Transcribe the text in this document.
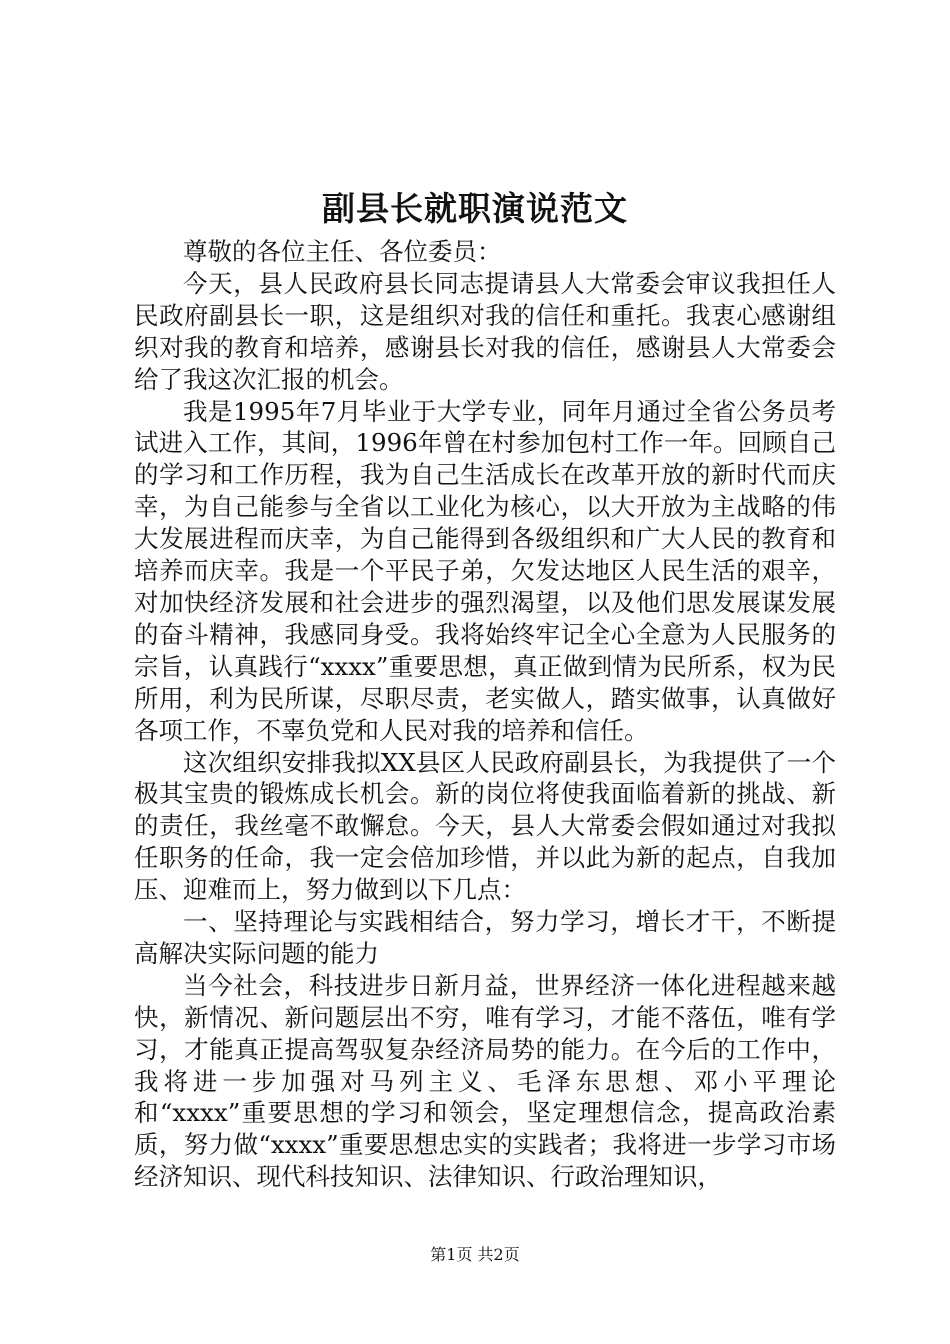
副县长就职演说范文

尊敬的各位主任、各位委员：

今天，县人民政府县长同志提请县人大常委会审议我担任人民政府副县长一职，这是组织对我的信任和重托。我衷心感谢组织对我的教育和培养，感谢县长对我的信任，感谢县人大常委会给了我这次汇报的机会。

我是1995年7月毕业于大学专业，同年月通过全省公务员考试进入工作，其间，1996年曾在村参加包村工作一年。回顾自己的学习和工作历程，我为自己生活成长在改革开放的新时代而庆幸，为自己能参与全省以工业化为核心，以大开放为主战略的伟大发展进程而庆幸，为自己能得到各级组织和广大人民的教育和培养而庆幸。我是一个平民子弟，欠发达地区人民生活的艰辛，对加快经济发展和社会进步的强烈渴望，以及他们思发展谋发展的奋斗精神，我感同身受。我将始终牢记全心全意为人民服务的宗旨，认真践行“xxxx”重要思想，真正做到情为民所系，权为民所用，利为民所谋，尽职尽责，老实做人，踏实做事，认真做好各项工作，不辜负党和人民对我的培养和信任。

这次组织安排我拟XX县区人民政府副县长，为我提供了一个极其宝贵的锻炼成长机会。新的岗位将使我面临着新的挑战、新的责任，我丝毫不敢懈怠。今天，县人大常委会假如通过对我拟任职务的任命，我一定会倍加珍惜，并以此为新的起点，自我加压、迎难而上，努力做到以下几点：

一、坚持理论与实践相结合，努力学习，增长才干，不断提高解决实际问题的能力

当今社会，科技进步日新月益，世界经济一体化进程越来越快，新情况、新问题层出不穷，唯有学习，才能不落伍，唯有学习，才能真正提高驾驭复杂经济局势的能力。在今后的工作中，我将进一步加强对马列主义、毛泽东思想、邓小平理论和“xxxx”重要思想的学习和领会，坚定理想信念，提高政治素质，努力做“xxxx”重要思想忠实的实践者；我将进一步学习市场经济知识、现代科技知识、法律知识、行政治理知识，

第1页 共2页
